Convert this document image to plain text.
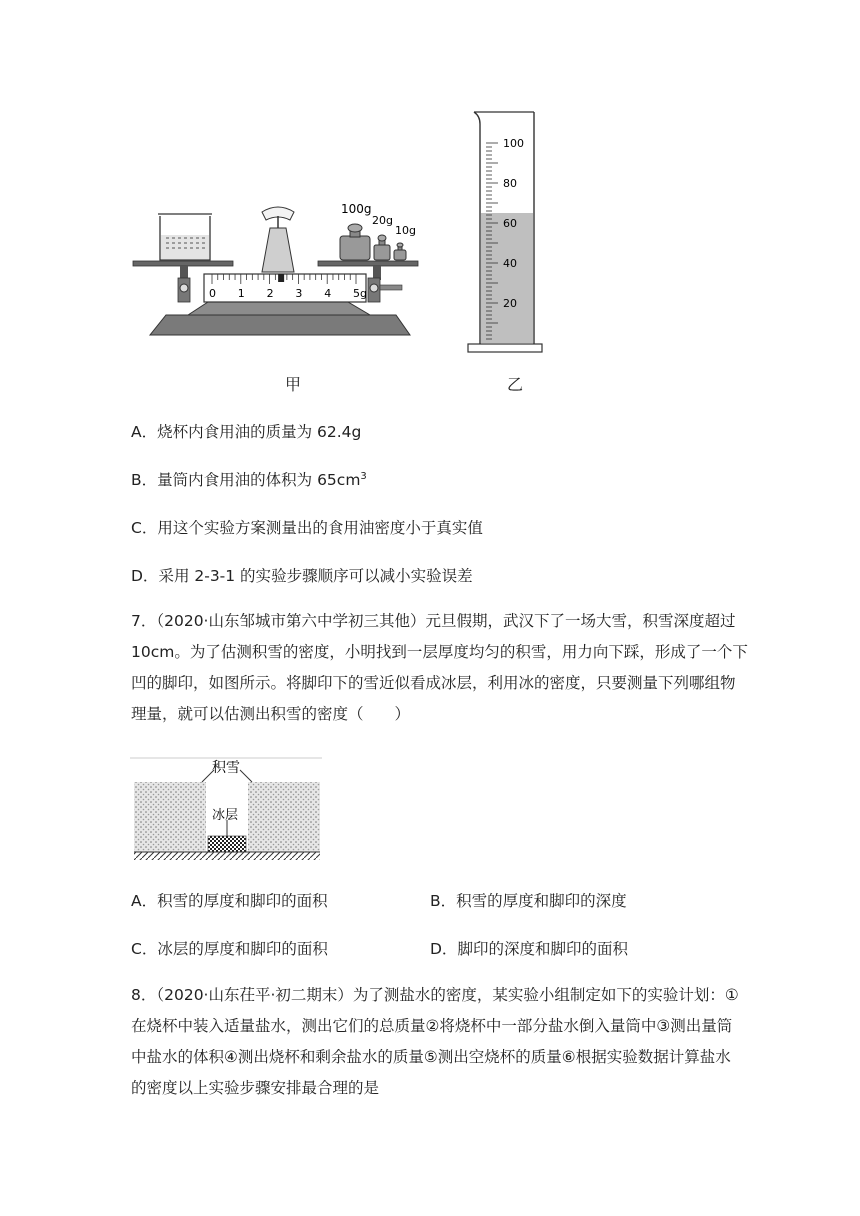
0 1 2 3 4 5g
100g
20g
10g
100
80
60
40
20
甲	乙
A．烧杯内食用油的质量为 62.4g
B．量筒内食用油的体积为 $65cm^3$
C．用这个实验方案测量出的食用油密度小于真实值
D．采用 2-3-1 的实验步骤顺序可以减小实验误差

7．（2020·山东邹城市第六中学初三其他）元旦假期，武汉下了一场大雪，积雪深度超过

10cm。为了估测积雪的密度，小明找到一层厚度均匀的积雪，用力向下踩，形成了一个下

凹的脚印，如图所示。将脚印下的雪近似看成冰层，利用冰的密度，只要测量下列哪组物

理量，就可以估测出积雪的密度（　　）

积雪
冰层
A．积雪的厚度和脚印的面积	B．积雪的厚度和脚印的深度
C．冰层的厚度和脚印的面积	D．脚印的深度和脚印的面积

8．（2020·山东茌平·初二期末）为了测盐水的密度，某实验小组制定如下的实验计划：①

在烧杯中装入适量盐水，测出它们的总质量②将烧杯中一部分盐水倒入量筒中③测出量筒

中盐水的体积④测出烧杯和剩余盐水的质量⑤测出空烧杯的质量⑥根据实验数据计算盐水

的密度以上实验步骤安排最合理的是
